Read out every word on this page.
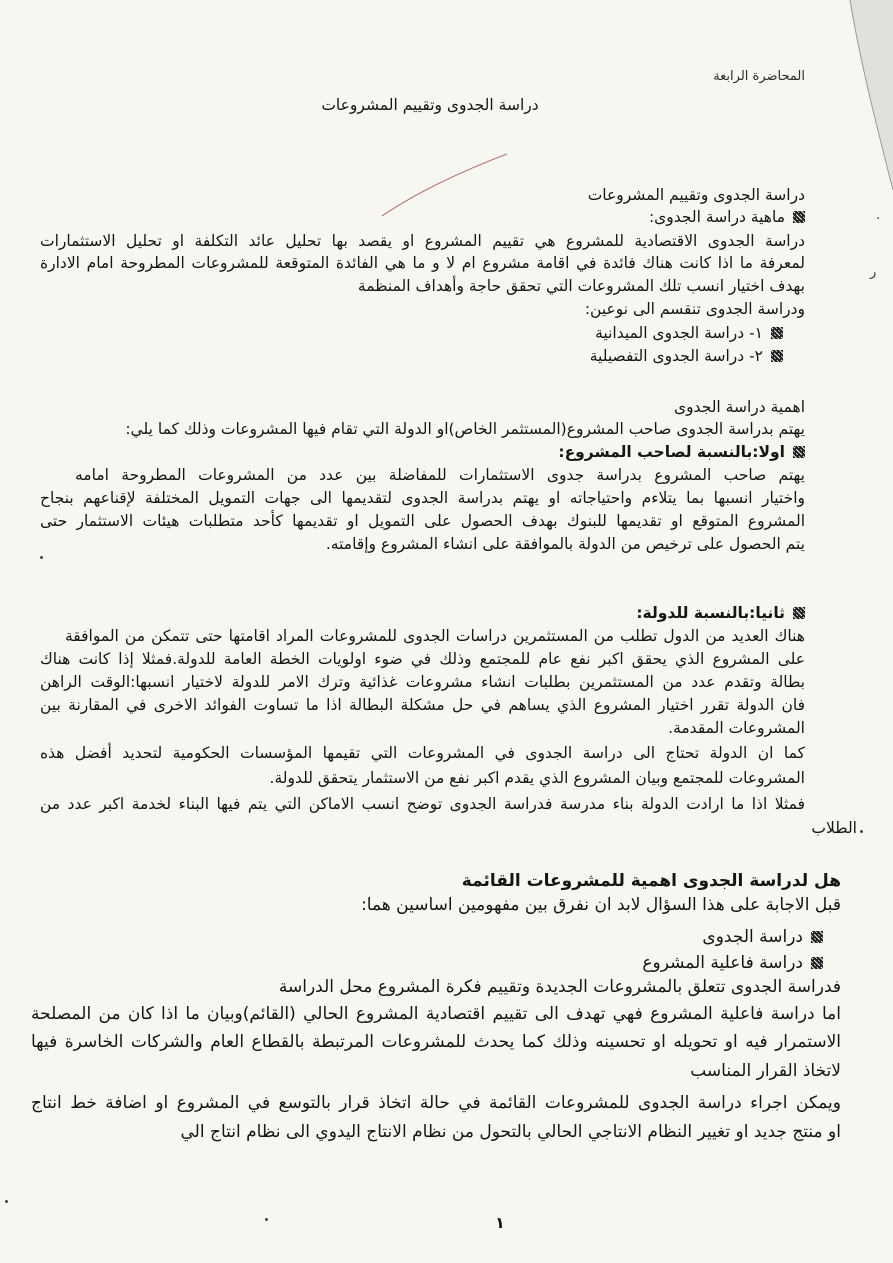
·
ﺭ
المحاضرة الرابعة
دراسة الجدوى وتقييم المشروعات
دراسة الجدوى وتقييم المشروعات
ماهية دراسة الجدوى:
دراسة الجدوى الاقتصادية للمشروع هي تقييم المشروع او يقصد بها تحليل عائد التكلفة او تحليل الاستثمارات
لمعرفة ما اذا كانت هناك فائدة في اقامة مشروع ام لا و ما هي الفائدة المتوقعة للمشروعات المطروحة امام الادارة
بهدف اختيار انسب تلك المشروعات التي تحقق حاجة وأهداف المنظمة
ودراسة الجدوى تنقسم الى نوعين:
١- دراسة الجدوى الميدانية
٢- دراسة الجدوى التفصيلية
اهمية دراسة الجدوى
يهتم بدراسة الجدوى صاحب المشروع(المستثمر الخاص)او الدولة التي تقام فيها المشروعات وذلك كما يلي:
اولا:بالنسبة لصاحب المشروع:
يهتم صاحب المشروع بدراسة جدوى الاستثمارات للمفاضلة بين عدد من المشروعات المطروحة امامه
واختيار انسبها بما يتلاءم واحتياجاته او يهتم بدراسة الجدوى لتقديمها الى جهات التمويل المختلفة لإقناعهم بنجاح
المشروع المتوقع او تقديمها للبنوك بهدف الحصول على التمويل او تقديمها كأحد متطلبات هيئات الاستثمار حتى
يتم الحصول على ترخيص من الدولة بالموافقة على انشاء المشروع وإقامته.
ثانيا:بالنسبة للدولة:
هناك العديد من الدول تطلب من المستثمرين دراسات الجدوى للمشروعات المراد اقامتها حتى تتمكن من الموافقة
على المشروع الذي يحقق اكبر نفع عام للمجتمع وذلك في ضوء اولويات الخطة العامة للدولة.فمثلا إذا كانت هناك
بطالة وتقدم عدد من المستثمرين بطلبات انشاء مشروعات غذائية وترك الامر للدولة لاختيار انسبها:الوقت الراهن
فان الدولة تقرر اختيار المشروع الذي يساهم في حل مشكلة البطالة اذا ما تساوت الفوائد الاخرى في المقارنة بين
المشروعات المقدمة.
كما ان الدولة تحتاج الى دراسة الجدوى في المشروعات التي تقيمها المؤسسات الحكومية لتحديد أفضل هذه
المشروعات للمجتمع وبيان المشروع الذي يقدم اكبر نفع من الاستثمار يتحقق للدولة.
فمثلا اذا ما ارادت الدولة بناء مدرسة فدراسة الجدوى توضح انسب الاماكن التي يتم فيها البناء لخدمة اكبر عدد من
الطلاب
هل لدراسة الجدوى اهمية للمشروعات القائمة
قبل الاجابة على هذا السؤال لابد ان نفرق بين مفهومين اساسين هما:
دراسة الجدوى
دراسة فاعلية المشروع
فدراسة الجدوى تتعلق بالمشروعات الجديدة وتقييم فكرة المشروع محل الدراسة
اما دراسة فاعلية المشروع فهي تهدف الى تقييم اقتصادية المشروع الحالي (القائم)وبيان ما اذا كان من المصلحة
الاستمرار فيه او تحويله او تحسينه وذلك كما يحدث للمشروعات المرتبطة بالقطاع العام والشركات الخاسرة فيها
لاتخاذ القرار المناسب
ويمكن اجراء دراسة الجدوى للمشروعات القائمة في حالة اتخاذ قرار بالتوسع في المشروع او اضافة خط انتاج
او منتج جديد او تغيير النظام الانتاجي الحالي بالتحول من نظام الانتاج اليدوي الى نظام انتاج الي
١
